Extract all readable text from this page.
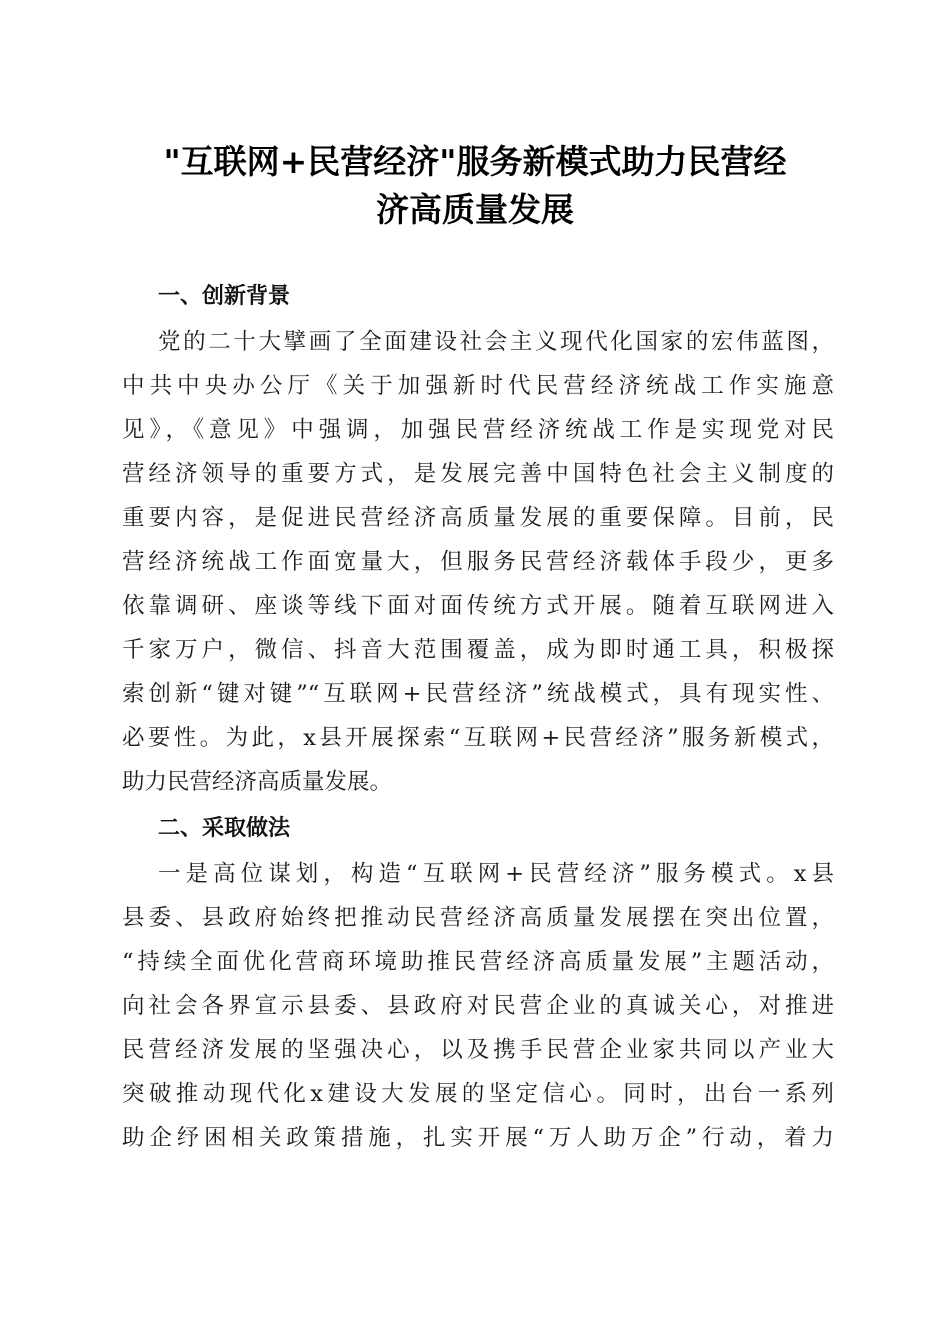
"互联网+民营经济"服务新模式助力民营经
济高质量发展
一、创新背景
党的二十大擘画了全面建设社会主义现代化国家的宏伟蓝图，
中共中央办公厅《关于加强新时代民营经济统战工作实施意
见》，《意见》中强调，加强民营经济统战工作是实现党对民
营经济领导的重要方式，是发展完善中国特色社会主义制度的
重要内容，是促进民营经济高质量发展的重要保障。目前，民
营经济统战工作面宽量大，但服务民营经济载体手段少，更多
依靠调研、座谈等线下面对面传统方式开展。随着互联网进入
千家万户，微信、抖音大范围覆盖，成为即时通工具，积极探
索创新“键对键”“互联网+民营经济”统战模式，具有现实性、
必要性。为此，x县开展探索“互联网+民营经济”服务新模式，
助力民营经济高质量发展。
二、采取做法
一是高位谋划，构造“互联网+民营经济”服务模式。x县
县委、县政府始终把推动民营经济高质量发展摆在突出位置，
“持续全面优化营商环境助推民营经济高质量发展”主题活动，
向社会各界宣示县委、县政府对民营企业的真诚关心，对推进
民营经济发展的坚强决心，以及携手民营企业家共同以产业大
突破推动现代化x建设大发展的坚定信心。同时，出台一系列
助企纾困相关政策措施，扎实开展“万人助万企”行动，着力
